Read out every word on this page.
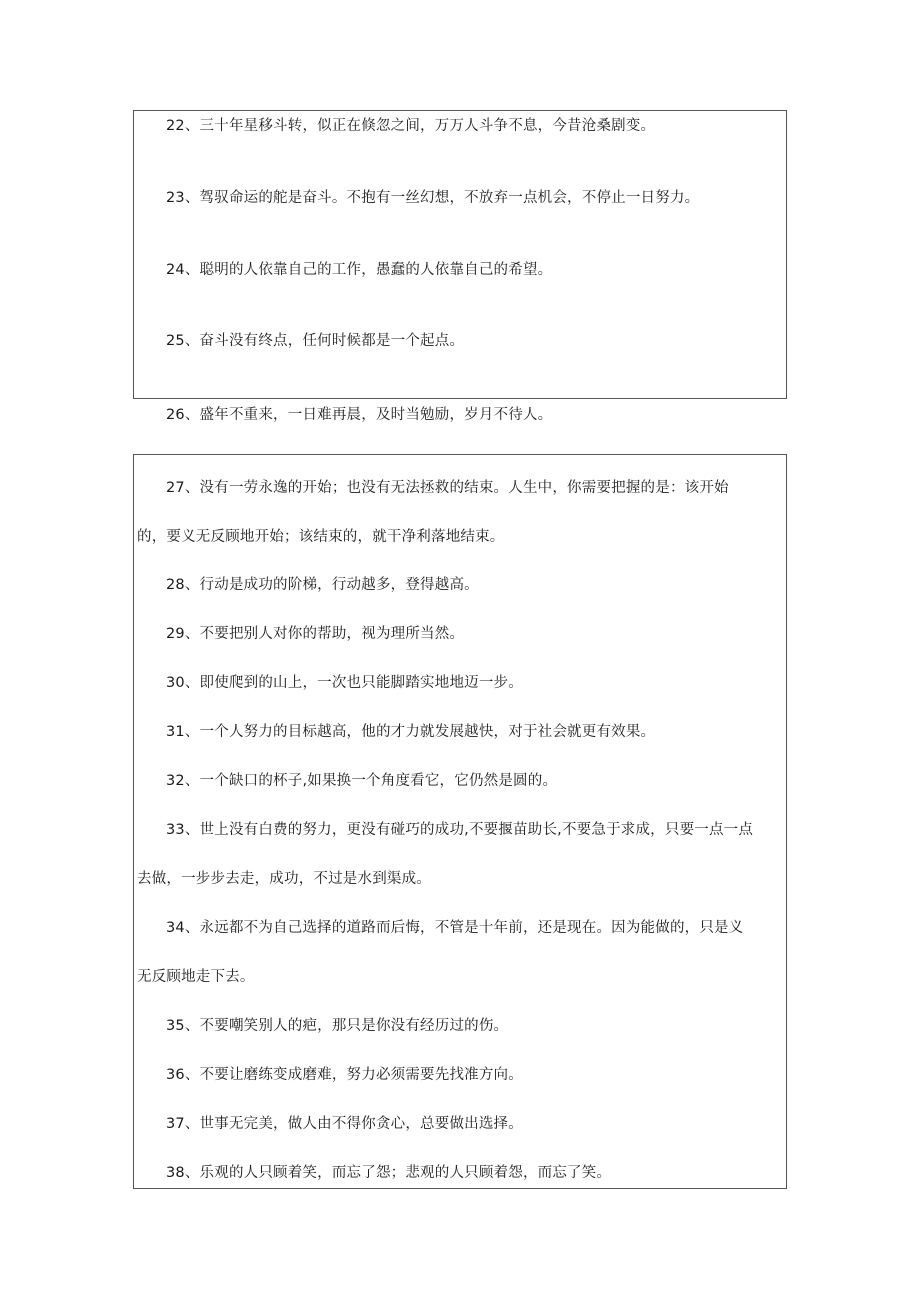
22、三十年星移斗转，似正在倏忽之间，万万人斗争不息，今昔沧桑剧变。
23、驾驭命运的舵是奋斗。不抱有一丝幻想，不放弃一点机会，不停止一日努力。
24、聪明的人依靠自己的工作，愚蠢的人依靠自己的希望。
25、奋斗没有终点，任何时候都是一个起点。
26、盛年不重来，一日难再晨，及时当勉励，岁月不待人。
27、没有一劳永逸的开始；也没有无法拯救的结束。人生中，你需要把握的是：该开始
的，要义无反顾地开始；该结束的，就干净利落地结束。
28、行动是成功的阶梯，行动越多，登得越高。
29、不要把别人对你的帮助，视为理所当然。
30、即使爬到的山上，一次也只能脚踏实地地迈一步。
31、一个人努力的目标越高，他的才力就发展越快，对于社会就更有效果。
32、一个缺口的杯子,如果换一个角度看它，它仍然是圆的。
33、世上没有白费的努力，更没有碰巧的成功,不要揠苗助长,不要急于求成，只要一点一点
去做，一步步去走，成功，不过是水到渠成。
34、永远都不为自己选择的道路而后悔，不管是十年前，还是现在。因为能做的，只是义
无反顾地走下去。
35、不要嘲笑别人的疤，那只是你没有经历过的伤。
36、不要让磨练变成磨难，努力必须需要先找准方向。
37、世事无完美，做人由不得你贪心，总要做出选择。
38、乐观的人只顾着笑，而忘了怨；悲观的人只顾着怨，而忘了笑。
